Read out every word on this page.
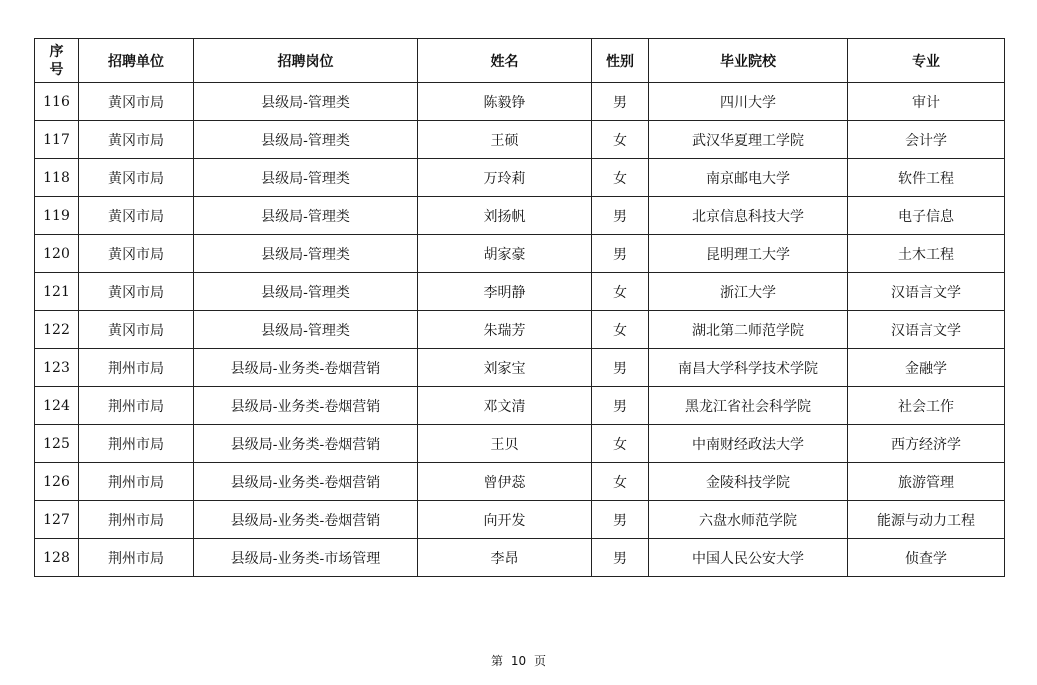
序号	招聘单位	招聘岗位	姓名	性别	毕业院校	专业
116	黄冈市局	县级局-管理类	陈毅铮	男	四川大学	审计
117	黄冈市局	县级局-管理类	王硕	女	武汉华夏理工学院	会计学
118	黄冈市局	县级局-管理类	万玲莉	女	南京邮电大学	软件工程
119	黄冈市局	县级局-管理类	刘扬帆	男	北京信息科技大学	电子信息
120	黄冈市局	县级局-管理类	胡家豪	男	昆明理工大学	土木工程
121	黄冈市局	县级局-管理类	李明静	女	浙江大学	汉语言文学
122	黄冈市局	县级局-管理类	朱瑞芳	女	湖北第二师范学院	汉语言文学
123	荆州市局	县级局-业务类-卷烟营销	刘家宝	男	南昌大学科学技术学院	金融学
124	荆州市局	县级局-业务类-卷烟营销	邓文清	男	黑龙江省社会科学院	社会工作
125	荆州市局	县级局-业务类-卷烟营销	王贝	女	中南财经政法大学	西方经济学
126	荆州市局	县级局-业务类-卷烟营销	曾伊蕊	女	金陵科技学院	旅游管理
127	荆州市局	县级局-业务类-卷烟营销	向开发	男	六盘水师范学院	能源与动力工程
128	荆州市局	县级局-业务类-市场管理	李昂	男	中国人民公安大学	侦查学
第 10 页
